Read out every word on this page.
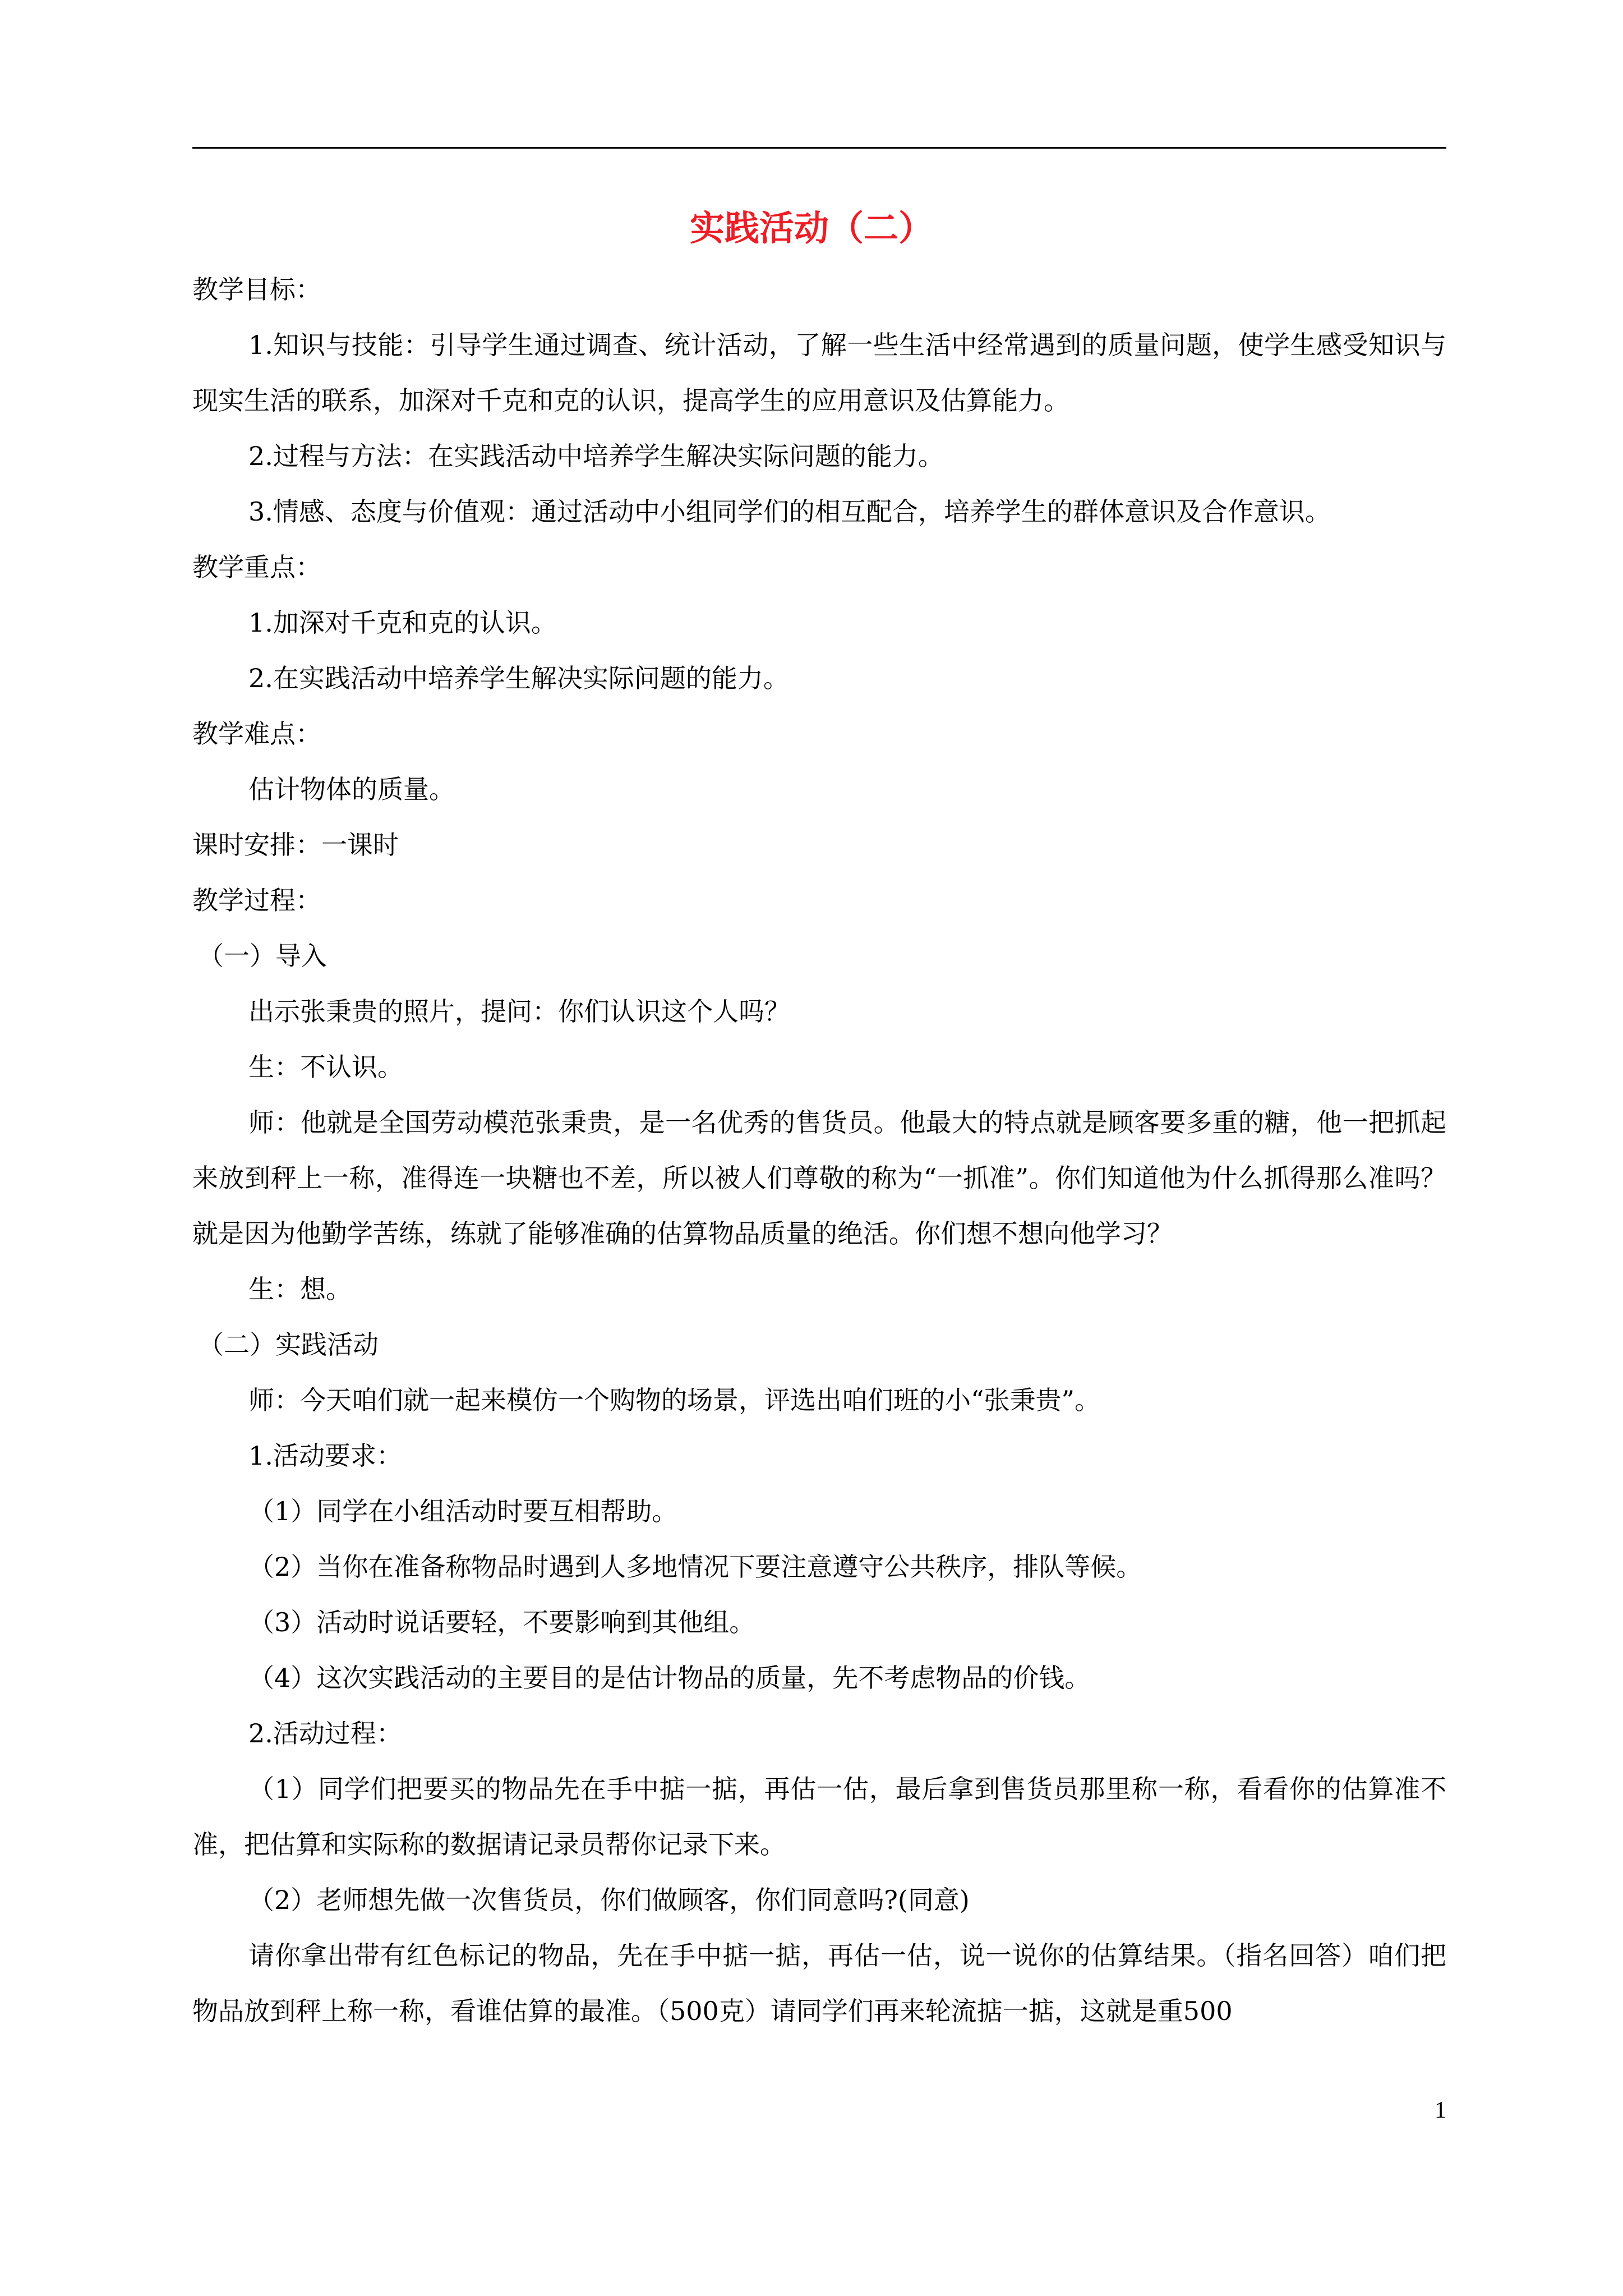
实践活动（二）

教学目标：

1.知识与技能：引导学生通过调查、统计活动，了解一些生活中经常遇到的质量问题，使学生感受知识与现实生活的联系，加深对千克和克的认识，提高学生的应用意识及估算能力。

2.过程与方法：在实践活动中培养学生解决实际问题的能力。

3.情感、态度与价值观：通过活动中小组同学们的相互配合，培养学生的群体意识及合作意识。

教学重点：

1.加深对千克和克的认识。

2.在实践活动中培养学生解决实际问题的能力。

教学难点：

估计物体的质量。

课时安排：一课时

教学过程：

（一）导入

出示张秉贵的照片，提问：你们认识这个人吗？

生：不认识。

师：他就是全国劳动模范张秉贵，是一名优秀的售货员。他最大的特点就是顾客要多重的糖，他一把抓起来放到秤上一称，准得连一块糖也不差，所以被人们尊敬的称为“一抓准”。你们知道他为什么抓得那么准吗？就是因为他勤学苦练，练就了能够准确的估算物品质量的绝活。你们想不想向他学习？

生：想。

（二）实践活动

师：今天咱们就一起来模仿一个购物的场景，评选出咱们班的小“张秉贵”。

1.活动要求：

（1）同学在小组活动时要互相帮助。

（2）当你在准备称物品时遇到人多地情况下要注意遵守公共秩序，排队等候。

（3）活动时说话要轻，不要影响到其他组。

（4）这次实践活动的主要目的是估计物品的质量，先不考虑物品的价钱。

2.活动过程：

（1）同学们把要买的物品先在手中掂一掂，再估一估，最后拿到售货员那里称一称，看看你的估算准不准，把估算和实际称的数据请记录员帮你记录下来。

（2）老师想先做一次售货员，你们做顾客，你们同意吗?(同意)

请你拿出带有红色标记的物品，先在手中掂一掂，再估一估，说一说你的估算结果。（指名回答）咱们把物品放到秤上称一称，看谁估算的最准。（500克）请同学们再来轮流掂一掂，这就是重500

1
